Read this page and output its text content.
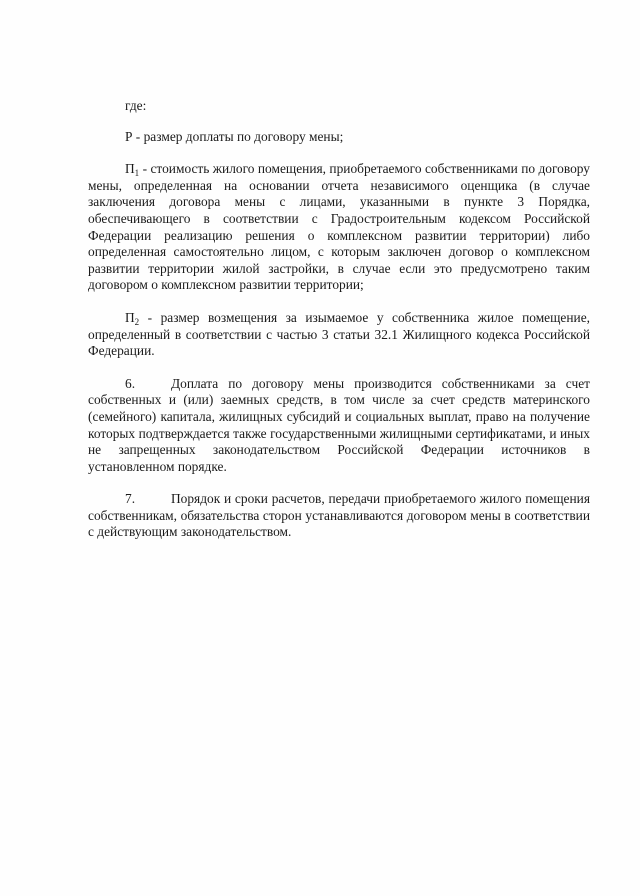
где:

Р - размер доплаты по договору мены;

$П_1$ - стоимость жилого помещения, приобретаемого собственниками по договору мены, определенная на основании отчета независимого оценщика (в случае заключения договора мены с лицами, указанными в пункте 3 Порядка, обеспечивающего в соответствии с Градостроительным кодексом Российской Федерации реализацию решения о комплексном развитии территории) либо определенная самостоятельно лицом, с которым заключен договор о комплексном развитии территории жилой застройки, в случае если это предусмотрено таким договором о комплексном развитии территории;

$П_2$ - размер возмещения за изымаемое у собственника жилое помещение, определенный в соответствии с частью 3 статьи 32.1 Жилищного кодекса Российской Федерации.

6.	Доплата по договору мены производится собственниками за счет собственных и (или) заемных средств, в том числе за счет средств материнского (семейного) капитала, жилищных субсидий и социальных выплат, право на получение которых подтверждается также государственными жилищными сертификатами, и иных не запрещенных законодательством Российской Федерации источников в установленном порядке.

7.	Порядок и сроки расчетов, передачи приобретаемого жилого помещения собственникам, обязательства сторон устанавливаются договором мены в соответствии с действующим законодательством.
